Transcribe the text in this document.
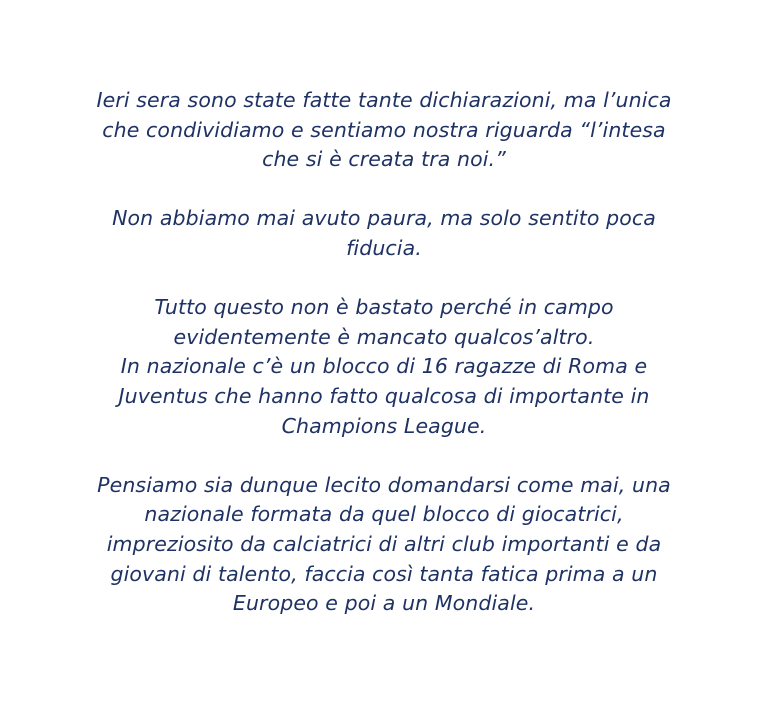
Ieri sera sono state fatte tante dichiarazioni, ma l’unica
che condividiamo e sentiamo nostra riguarda “l’intesa
che si è creata tra noi.”

Non abbiamo mai avuto paura, ma solo sentito poca
fiducia.

Tutto questo non è bastato perché in campo
evidentemente è mancato qualcos’altro.
In nazionale c’è un blocco di 16 ragazze di Roma e
Juventus che hanno fatto qualcosa di importante in
Champions League.

Pensiamo sia dunque lecito domandarsi come mai, una
nazionale formata da quel blocco di giocatrici,
impreziosito da calciatrici di altri club importanti e da
giovani di talento, faccia così tanta fatica prima a un
Europeo e poi a un Mondiale.
